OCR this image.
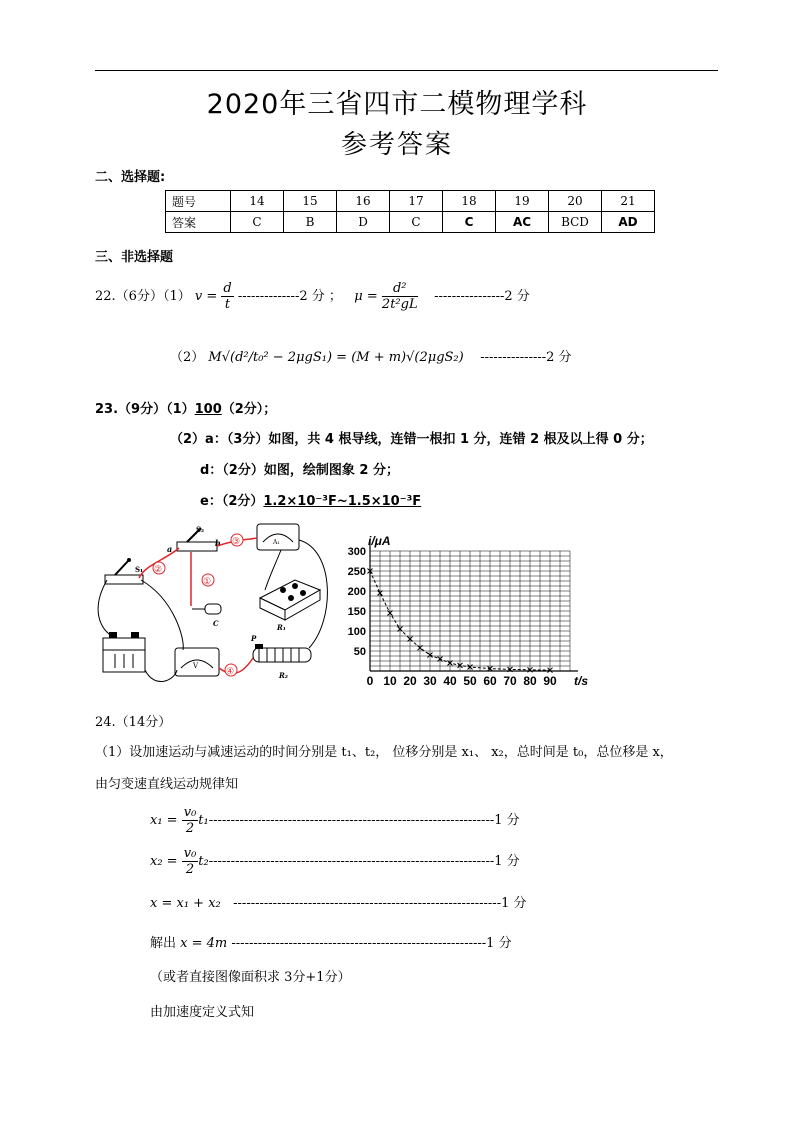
2020年三省四市二模物理学科
参考答案
二、选择题:
题号	14	15	16	17	18	19	20	21
答案	C	B	D	C	C	AC	BCD	AD
三、非选择题
22.（6分）（1） $v = \frac{d}{t} --------------2$ 分 ； $\mu = \frac{\text{d²}}{\text{2t²gL}} ----------------2$ 分
（2） M√(d²/t₀² − 2μgS₁) = (M + m)√(2μgS₂) ---------------2 分
23.（9分）（1）100（2分）；
（2）a：（3分）如图，共 4 根导线，连错一根扣 1 分，连错 2 根及以上得 0 分；
d：（2分）如图，绘制图象 2 分；
e：（2分）1.2×10⁻³F~1.5×10⁻³F
S₁
S₂
a
b	A₁
R₁
C
V
P
R₂
②
③
①
④
0 10 20 30 40 50 60 70 80 90
50
100
150
200
250
300
i/μA
t/s
24.（14分）
（1）设加速运动与减速运动的时间分别是 t₁、t₂， 位移分别是 x₁、 x₂，总时间是 t₀，总位移是 x，
由匀变速直线运动规律知
$x_1 = \frac{\text{v₀}}{2} t_1-----------------------------------------------------------------1$ 分
$x_2 = \frac{\text{v₀}}{2} t_2-----------------------------------------------------------------1$ 分
x = x₁ + x₂ -------------------------------------------------------------1 分
解出 x = 4m ----------------------------------------------------------1 分
（或者直接图像面积求 3分+1分）
由加速度定义式知
